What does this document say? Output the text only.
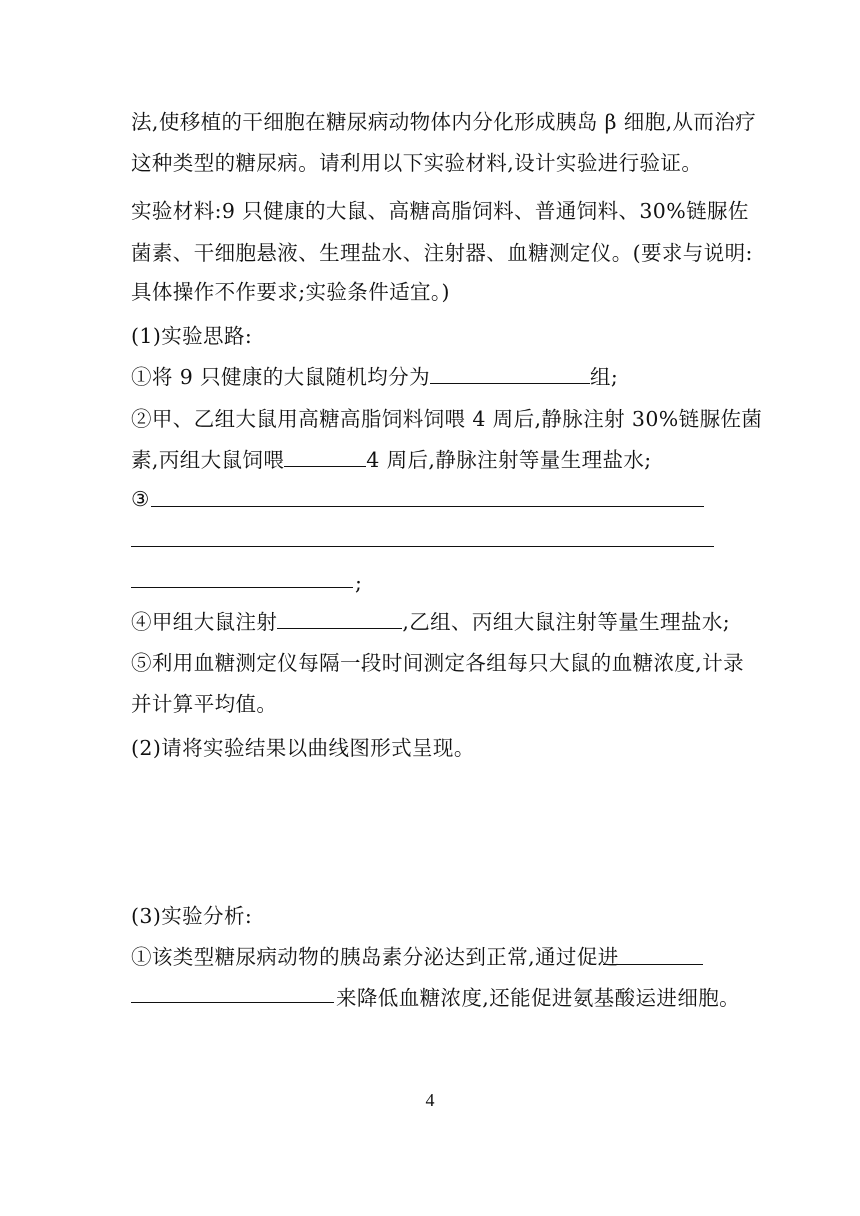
法,使移植的干细胞在糖尿病动物体内分化形成胰岛 β 细胞,从而治疗
这种类型的糖尿病。请利用以下实验材料,设计实验进行验证。
实验材料:9 只健康的大鼠、高糖高脂饲料、普通饲料、30%链脲佐
菌素、干细胞悬液、生理盐水、注射器、血糖测定仪。(要求与说明:
具体操作不作要求;实验条件适宜。)
(1)实验思路:
①将 9 只健康的大鼠随机均分为	组;
②甲、乙组大鼠用高糖高脂饲料饲喂 4 周后,静脉注射 30%链脲佐菌
素,丙组大鼠饲喂	4 周后,静脉注射等量生理盐水;
③
;
④甲组大鼠注射	,乙组、丙组大鼠注射等量生理盐水;
⑤利用血糖测定仪每隔一段时间测定各组每只大鼠的血糖浓度,计录
并计算平均值。
(2)请将实验结果以曲线图形式呈现。
(3)实验分析:
①该类型糖尿病动物的胰岛素分泌达到正常,通过促进
来降低血糖浓度,还能促进氨基酸运进细胞。
4
